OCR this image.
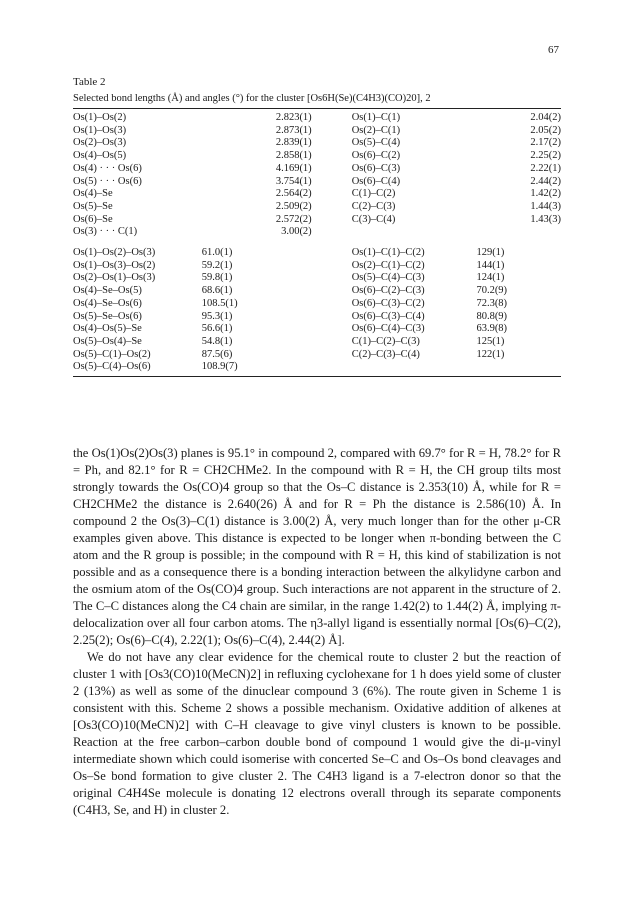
67
Table 2
Selected bond lengths (Å) and angles (°) for the cluster [Os6H(Se)(C4H3)(CO)20], 2
Os(1)–Os(2)	2.823(1)	Os(1)–C(1)	2.04(2)
Os(1)–Os(3)	2.873(1)	Os(2)–C(1)	2.05(2)
Os(2)–Os(3)	2.839(1)	Os(5)–C(4)	2.17(2)
Os(4)–Os(5)	2.858(1)	Os(6)–C(2)	2.25(2)
Os(4) · · · Os(6)	4.169(1)	Os(6)–C(3)	2.22(1)
Os(5) · · · Os(6)	3.754(1)	Os(6)–C(4)	2.44(2)
Os(4)–Se	2.564(2)	C(1)–C(2)	1.42(2)
Os(5)–Se	2.509(2)	C(2)–C(3)	1.44(3)
Os(6)–Se	2.572(2)	C(3)–C(4)	1.43(3)
Os(3) · · · C(1)	3.00(2)		

Os(1)–Os(2)–Os(3)	61.0(1)	Os(1)–C(1)–C(2)	129(1)
Os(1)–Os(3)–Os(2)	59.2(1)	Os(2)–C(1)–C(2)	144(1)
Os(2)–Os(1)–Os(3)	59.8(1)	Os(5)–C(4)–C(3)	124(1)
Os(4)–Se–Os(5)	68.6(1)	Os(6)–C(2)–C(3)	70.2(9)
Os(4)–Se–Os(6)	108.5(1)	Os(6)–C(3)–C(2)	72.3(8)
Os(5)–Se–Os(6)	95.3(1)	Os(6)–C(3)–C(4)	80.8(9)
Os(4)–Os(5)–Se	56.6(1)	Os(6)–C(4)–C(3)	63.9(8)
Os(5)–Os(4)–Se	54.8(1)	C(1)–C(2)–C(3)	125(1)
Os(5)–C(1)–Os(2)	87.5(6)	C(2)–C(3)–C(4)	122(1)
Os(5)–C(4)–Os(6)	108.9(7)		

the Os(1)Os(2)Os(3) planes is 95.1° in compound 2, compared with 69.7° for R = H, 78.2° for R = Ph, and 82.1° for R = CH2CHMe2. In the compound with R = H, the CH group tilts most strongly towards the Os(CO)4 group so that the Os–C distance is 2.353(10) Å, while for R = CH2CHMe2 the distance is 2.640(26) Å and for R = Ph the distance is 2.586(10) Å. In compound 2 the Os(3)–C(1) distance is 3.00(2) Å, very much longer than for the other μ-CR examples given above. This distance is expected to be longer when π-bonding between the C atom and the R group is possible; in the compound with R = H, this kind of stabilization is not possible and as a consequence there is a bonding interaction between the alkylidyne carbon and the osmium atom of the Os(CO)4 group. Such interactions are not apparent in the structure of 2. The C–C distances along the C4 chain are similar, in the range 1.42(2) to 1.44(2) Å, implying π-delocalization over all four carbon atoms. The η3-allyl ligand is essentially normal [Os(6)–C(2), 2.25(2); Os(6)–C(4), 2.22(1); Os(6)–C(4), 2.44(2) Å].

We do not have any clear evidence for the chemical route to cluster 2 but the reaction of cluster 1 with [Os3(CO)10(MeCN)2] in refluxing cyclohexane for 1 h does yield some of cluster 2 (13%) as well as some of the dinuclear compound 3 (6%). The route given in Scheme 1 is consistent with this. Scheme 2 shows a possible mechanism. Oxidative addition of alkenes at [Os3(CO)10(MeCN)2] with C–H cleavage to give vinyl clusters is known to be possible. Reaction at the free carbon–carbon double bond of compound 1 would give the di-μ-vinyl intermediate shown which could isomerise with concerted Se–C and Os–Os bond cleavages and Os–Se bond formation to give cluster 2. The C4H3 ligand is a 7-electron donor so that the original C4H4Se molecule is donating 12 electrons overall through its separate components (C4H3, Se, and H) in cluster 2.
